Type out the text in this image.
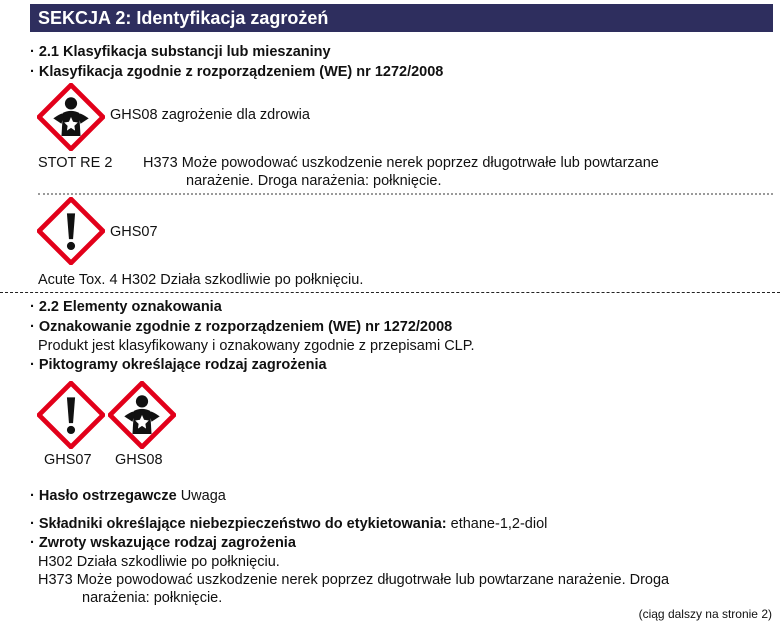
SEKCJA 2: Identyfikacja zagrożeń
· 2.1 Klasyfikacja substancji lub mieszaniny
· Klasyfikacja zgodnie z rozporządzeniem (WE) nr 1272/2008
GHS08 zagrożenie dla zdrowia
STOT RE 2 H373 Może powodować uszkodzenie nerek poprzez długotrwałe lub powtarzane
narażenie. Droga narażenia: połknięcie.
GHS07
Acute Tox. 4 H302 Działa szkodliwie po połknięciu.
· 2.2 Elementy oznakowania
· Oznakowanie zgodnie z rozporządzeniem (WE) nr 1272/2008
Produkt jest klasyfikowany i oznakowany zgodnie z przepisami CLP.
· Piktogramy określające rodzaj zagrożenia
GHS07 GHS08
· Hasło ostrzegawcze Uwaga
· Składniki określające niebezpieczeństwo do etykietowania: ethane-1,2-diol
· Zwroty wskazujące rodzaj zagrożenia
H302 Działa szkodliwie po połknięciu.
H373 Może powodować uszkodzenie nerek poprzez długotrwałe lub powtarzane narażenie. Droga
narażenia: połknięcie.
(ciąg dalszy na stronie 2)
